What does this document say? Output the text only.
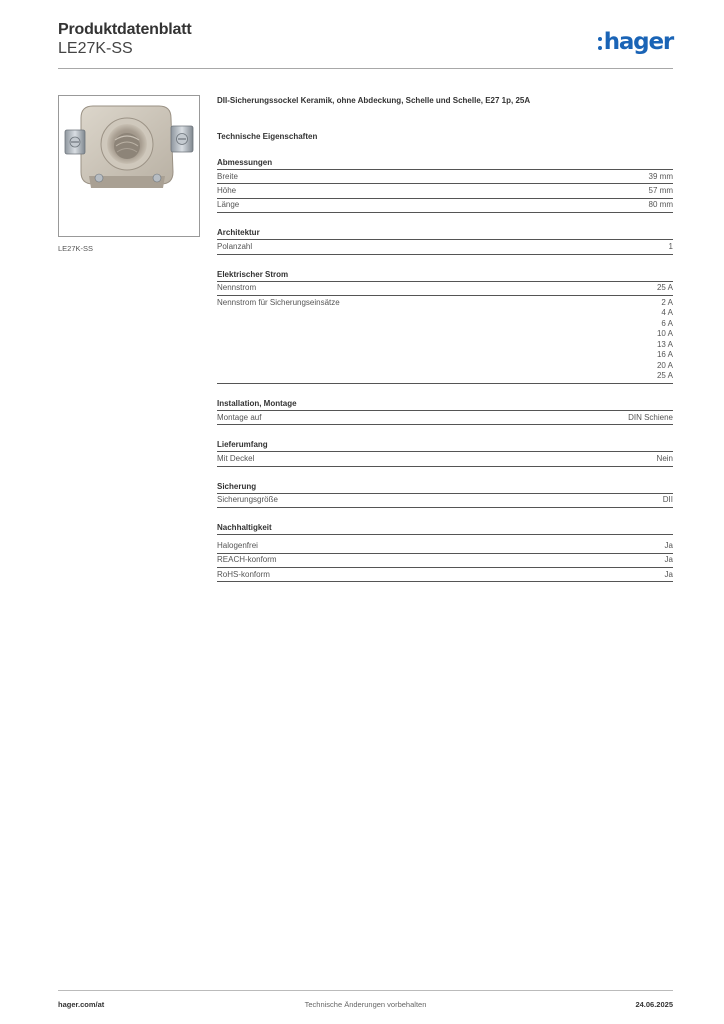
Produktdatenblatt
LE27K-SS	hager
LE27K-SS
DII-Sicherungssockel Keramik, ohne Abdeckung, Schelle und Schelle, E27 1p, 25A
Technische Eigenschaften
Abmessungen
Breite	39 mm
Höhe	57 mm
Länge	80 mm
Architektur
Polanzahl	1
Elektrischer Strom
Nennstrom	25 A
Nennstrom für Sicherungseinsätze	2 A
4 A
6 A
10 A
13 A
16 A
20 A
25 A
Installation, Montage
Montage auf	DIN Schiene
Lieferumfang
Mit Deckel	Nein
Sicherung
Sicherungsgröße	DII
Nachhaltigkeit
Halogenfrei	Ja
REACH-konform	Ja
RoHS-konform	Ja
hager.com/at	Technische Änderungen vorbehalten	24.06.2025
